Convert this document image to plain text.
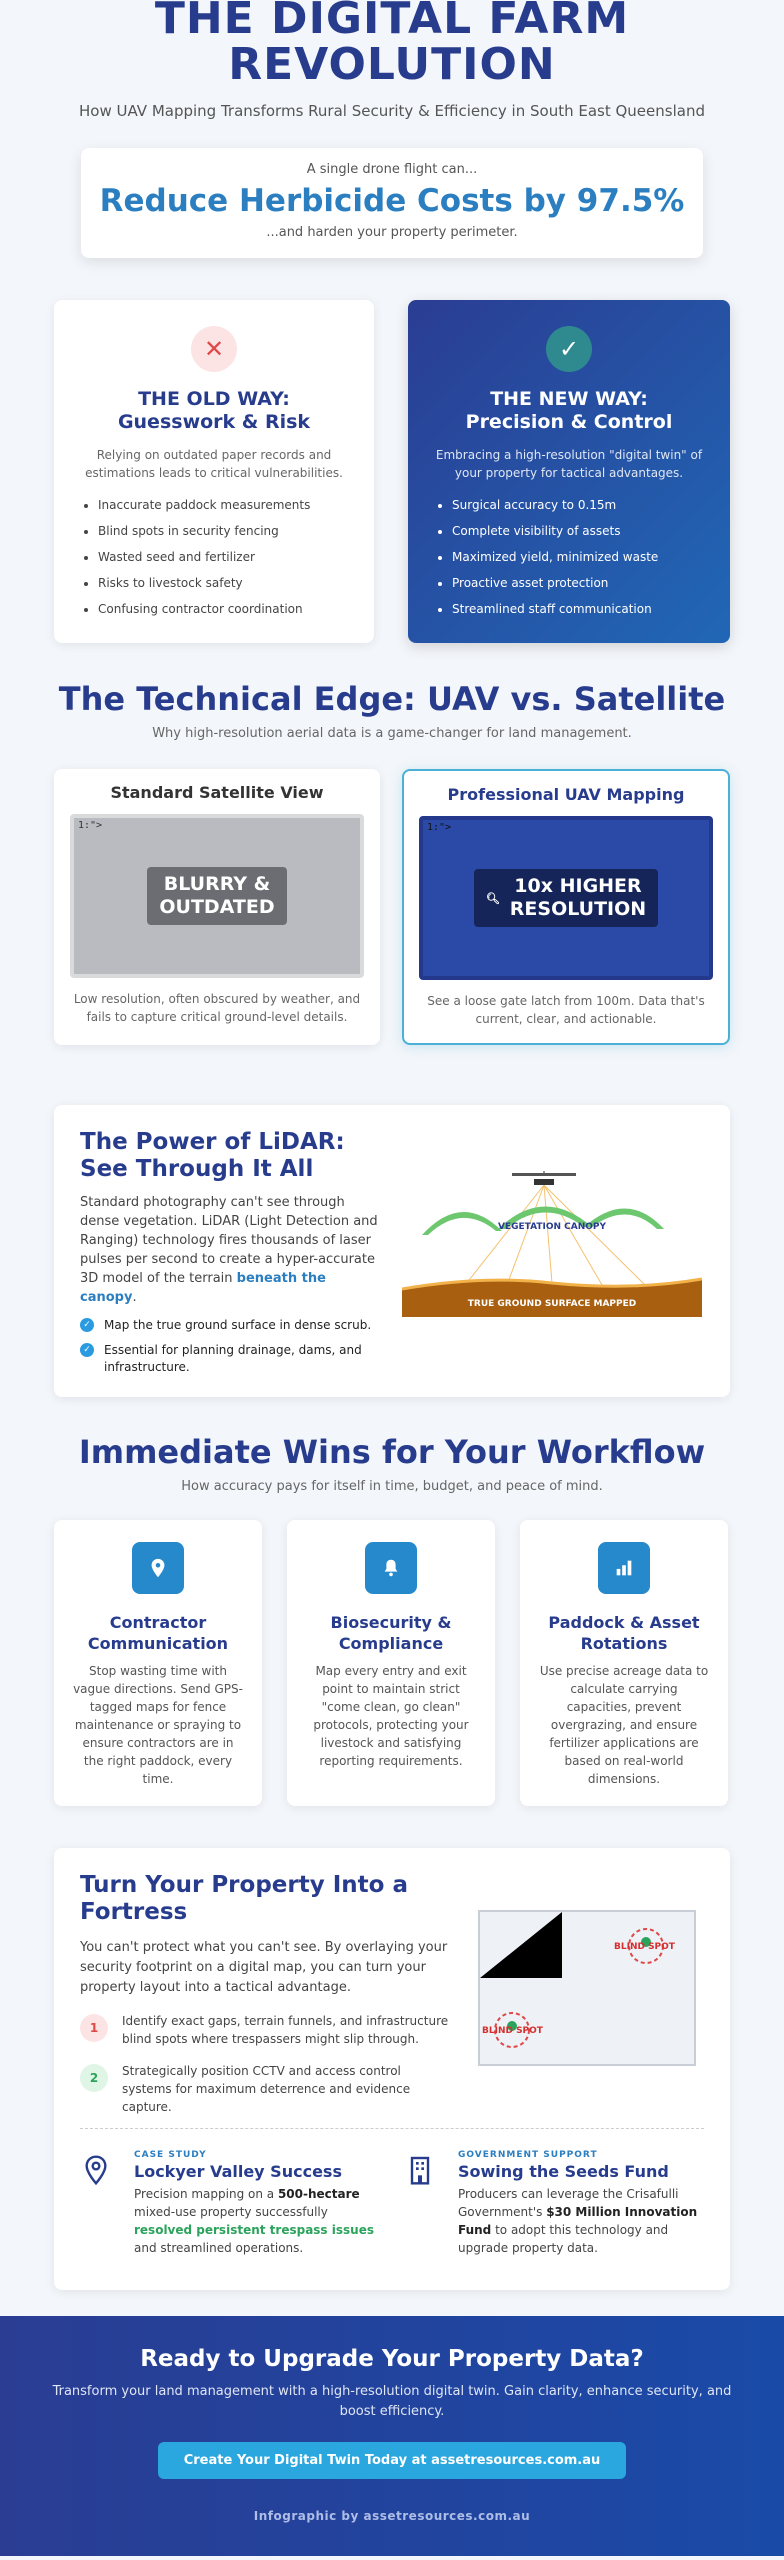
THE DIGITAL FARM
REVOLUTION
How UAV Mapping Transforms Rural Security & Efficiency in South East Queensland
A single drone flight can...
Reduce Herbicide Costs by 97.5%
...and harden your property perimeter.
✕
THE OLD WAY:
Guesswork & Risk
Relying on outdated paper records and estimations leads to critical vulnerabilities.
• Inaccurate paddock measurements
• Blind spots in security fencing
• Wasted seed and fertilizer
• Risks to livestock safety
• Confusing contractor coordination
✓
THE NEW WAY:
Precision & Control
Embracing a high-resolution "digital twin" of your property for tactical advantages.
• Surgical accuracy to 0.15m
• Complete visibility of assets
• Maximized yield, minimized waste
• Proactive asset protection
• Streamlined staff communication
The Technical Edge: UAV vs. Satellite
Why high-resolution aerial data is a game-changer for land management.
Standard Satellite View
1:">
BLURRY &
OUTDATED
Low resolution, often obscured by weather, and fails to capture critical ground-level details.
Professional UAV Mapping
1:">
🔍︎
10x HIGHER
RESOLUTION
See a loose gate latch from 100m. Data that's current, clear, and actionable.
The Power of LiDAR:
See Through It All
Standard photography can't see through dense vegetation. LiDAR (Light Detection and Ranging) technology fires thousands of laser pulses per second to create a hyper-accurate 3D model of the terrain beneath the canopy.
✓ Map the true ground surface in dense scrub.
✓ Essential for planning drainage, dams, and infrastructure.
VEGETATION CANOPY
TRUE GROUND SURFACE MAPPED
Immediate Wins for Your Workflow
How accuracy pays for itself in time, budget, and peace of mind.
Contractor
Communication
Stop wasting time with vague directions. Send GPS-tagged maps for fence maintenance or spraying to ensure contractors are in the right paddock, every time.
Biosecurity &
Compliance
Map every entry and exit point to maintain strict "come clean, go clean" protocols, protecting your livestock and satisfying reporting requirements.
Paddock & Asset
Rotations
Use precise acreage data to calculate carrying capacities, prevent overgrazing, and ensure fertilizer applications are based on real-world dimensions.
Turn Your Property Into a
Fortress
You can't protect what you can't see. By overlaying your security footprint on a digital map, you can turn your property layout into a tactical advantage.
1	Identify exact gaps, terrain funnels, and infrastructure blind spots where trespassers might slip through.
2	Strategically position CCTV and access control systems for maximum deterrence and evidence capture.
BLIND SPOT
BLIND SPOT
CASE STUDY
Lockyer Valley Success
Precision mapping on a 500-hectare mixed-use property successfully resolved persistent trespass issues and streamlined operations.
GOVERNMENT SUPPORT
Sowing the Seeds Fund
Producers can leverage the Crisafulli Government's $30 Million Innovation Fund to adopt this technology and upgrade property data.
Ready to Upgrade Your Property Data?
Transform your land management with a high-resolution digital twin. Gain clarity, enhance security, and boost efficiency.
Create Your Digital Twin Today at assetresources.com.au
Infographic by assetresources.com.au
